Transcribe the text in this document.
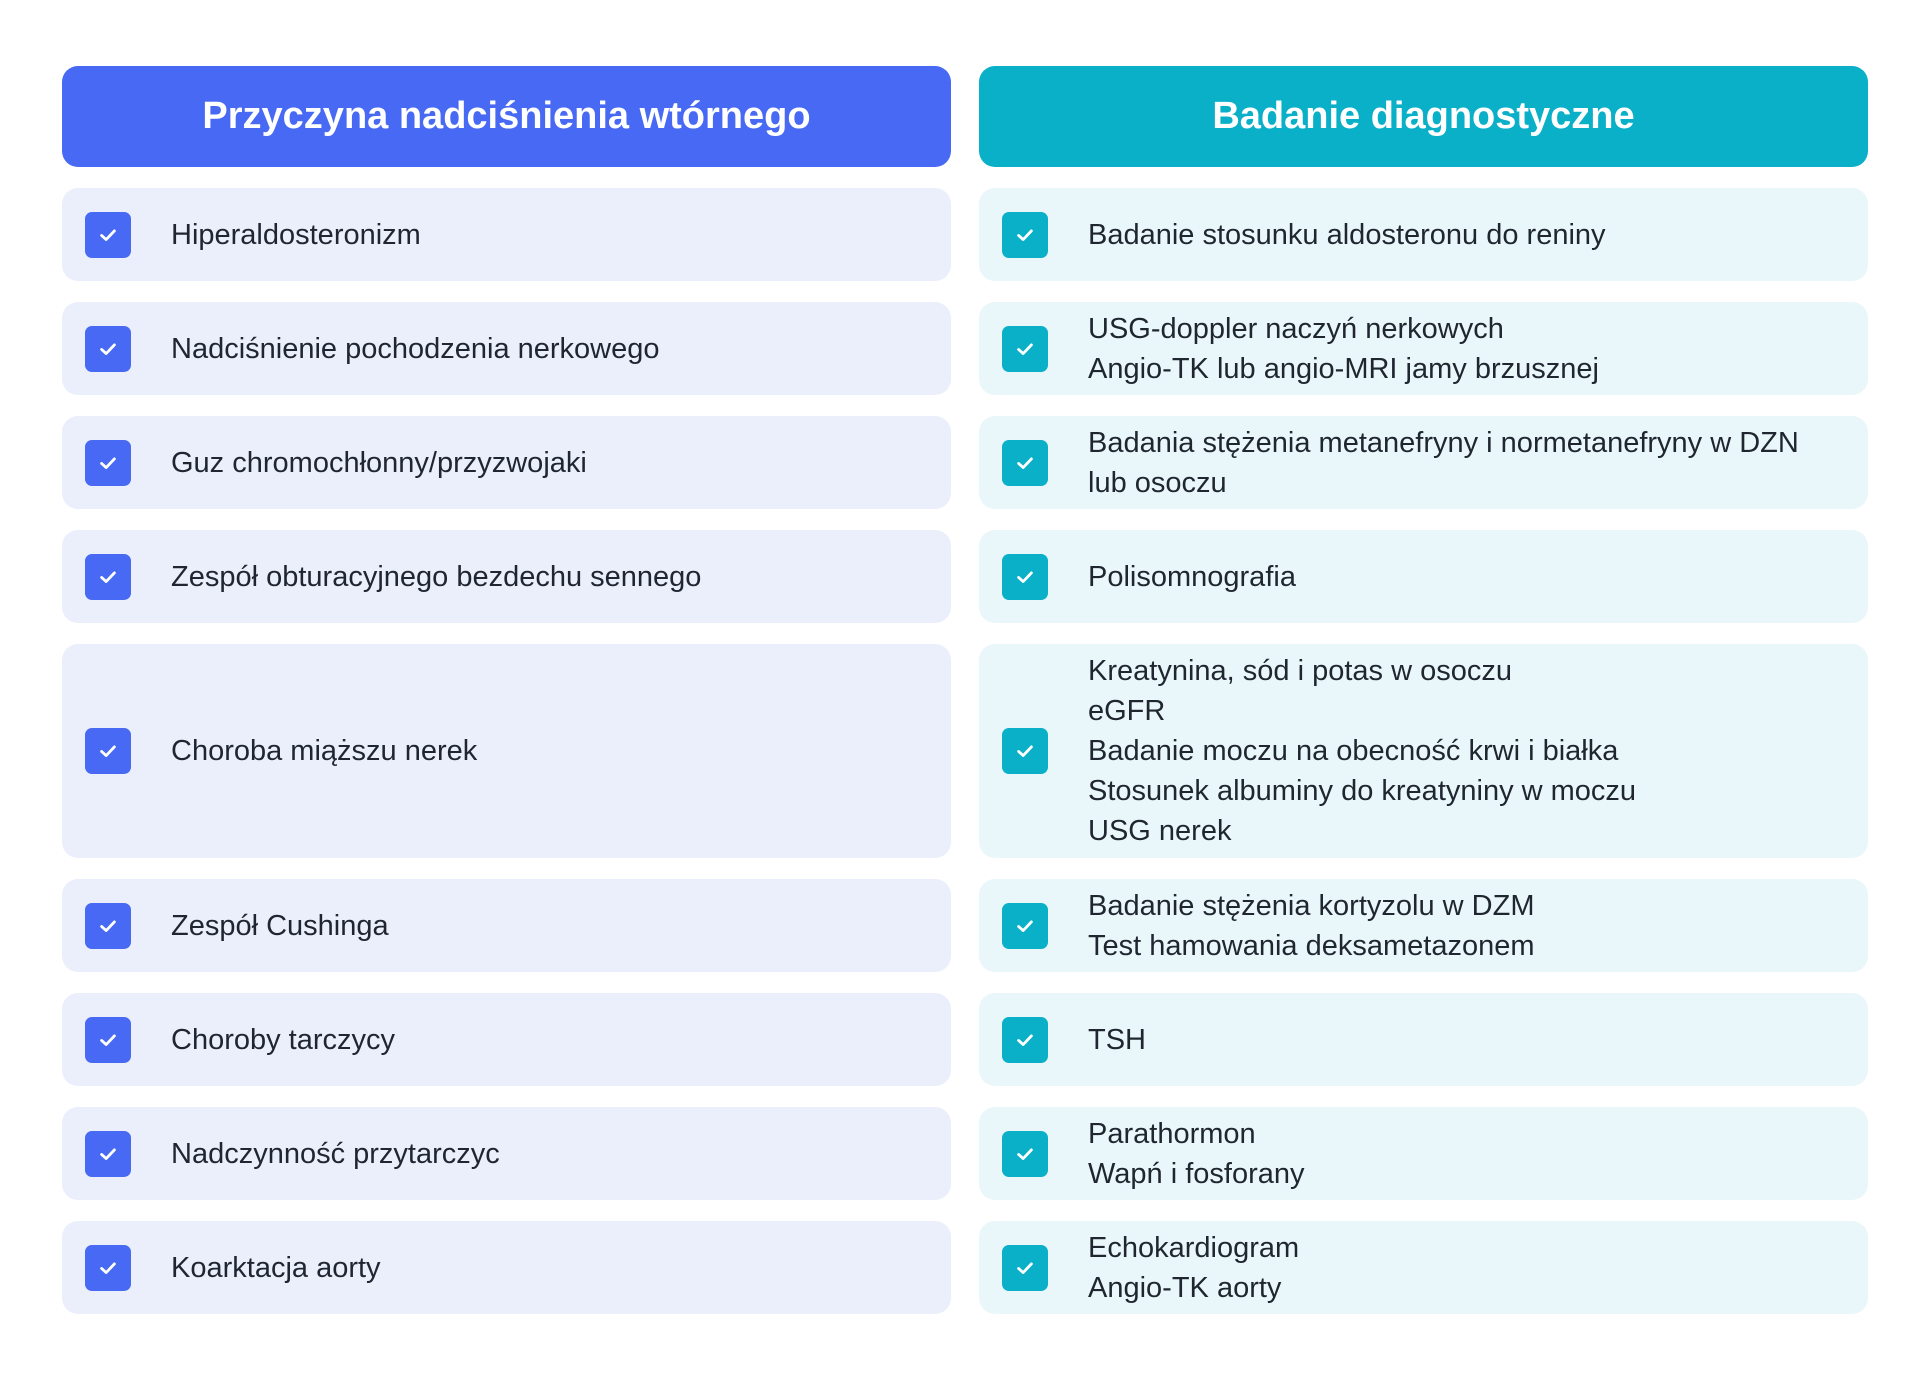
Przyczyna nadciśnienia wtórnego
Hiperaldosteronizm
Nadciśnienie pochodzenia nerkowego
Guz chromochłonny/przyzwojaki
Zespół obturacyjnego bezdechu sennego
Choroba miąższu nerek
Zespół Cushinga
Choroby tarczycy
Nadczynność przytarczyc
Koarktacja aorty
Badanie diagnostyczne
Badanie stosunku aldosteronu do reniny
USG-doppler naczyń nerkowych
Angio-TK lub angio-MRI jamy brzusznej
Badania stężenia metanefryny i normetanefryny w DZN
lub osoczu
Polisomnografia
Kreatynina, sód i potas w osoczu
eGFR
Badanie moczu na obecność krwi i białka
Stosunek albuminy do kreatyniny w moczu
USG nerek
Badanie stężenia kortyzolu w DZM
Test hamowania deksametazonem
TSH
Parathormon
Wapń i fosforany
Echokardiogram
Angio-TK aorty
